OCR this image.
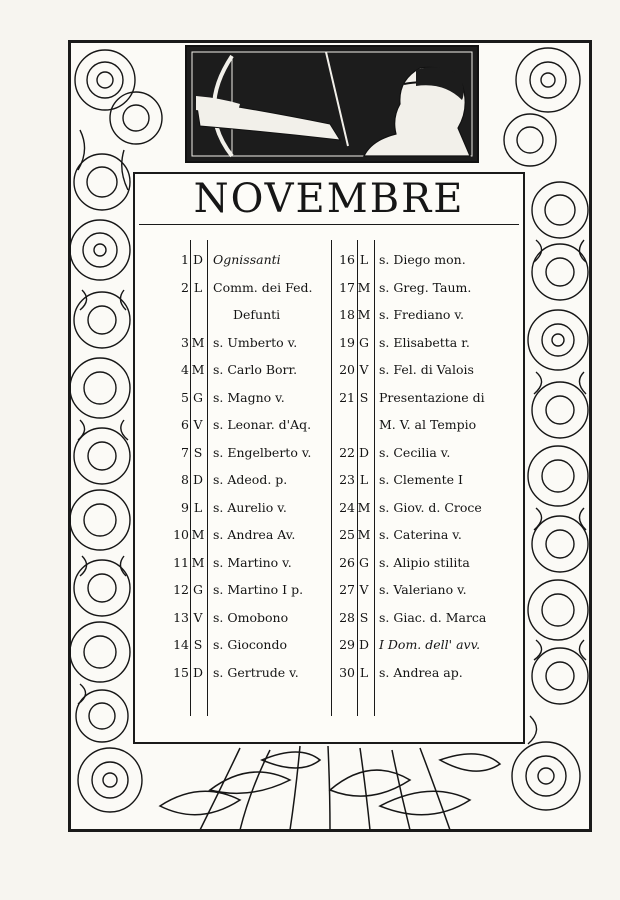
NOVEMBRE
1 D Ognissanti
2 L Comm. dei Fed.
Defunti
3 M s. Umberto v.
4 M s. Carlo Borr.
5 G s. Magno v.
6 V s. Leonar. d'Aq.
7 S s. Engelberto v.
8 D s. Adeod. p.
9 L s. Aurelio v.
10 M s. Andrea Av.
11 M s. Martino v.
12 G s. Martino I p.
13 V s. Omobono
14 S s. Giocondo
15 D s. Gertrude v.
16 L s. Diego mon.
17 M s. Greg. Taum.
18 M s. Frediano v.
19 G s. Elisabetta r.
20 V s. Fel. di Valois
21 S Presentazione di
M. V. al Tempio
22 D s. Cecilia v.
23 L s. Clemente I
24 M s. Giov. d. Croce
25 M s. Caterina v.
26 G s. Alipio stilita
27 V s. Valeriano v.
28 S s. Giac. d. Marca
29 D I Dom. dell' avv.
30 L s. Andrea ap.
